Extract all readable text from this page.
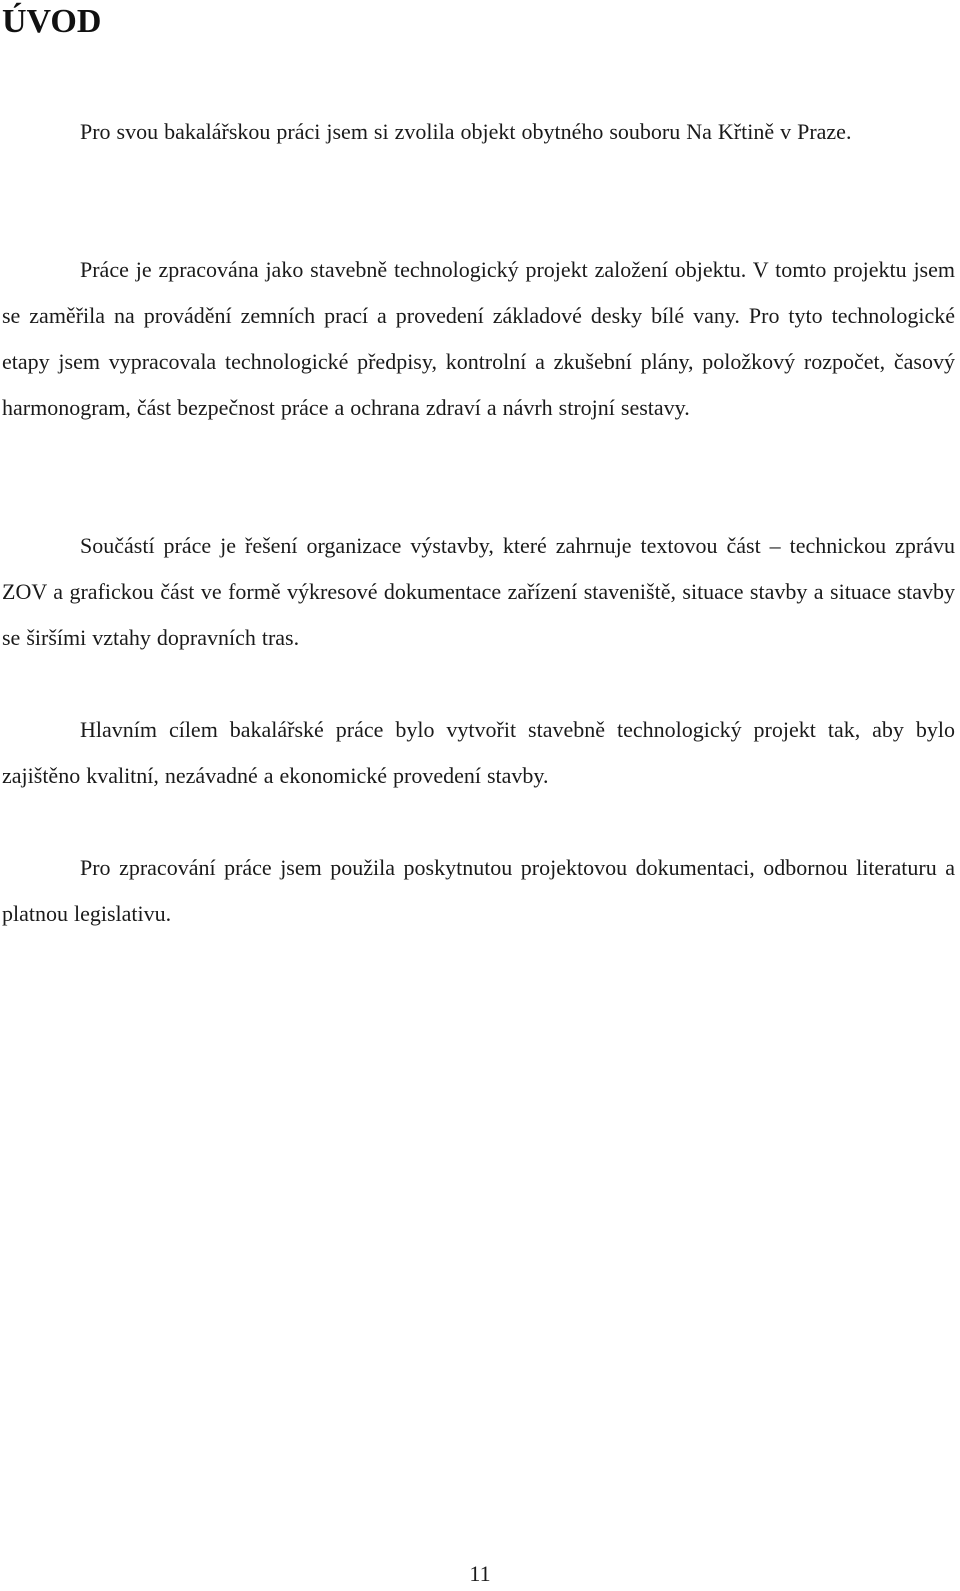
ÚVOD

Pro svou bakalářskou práci jsem si zvolila objekt obytného souboru Na Křtině v Praze.

Práce je zpracována jako stavebně technologický projekt založení objektu. V tomto projektu jsem se zaměřila na provádění zemních prací a provedení základové desky bílé vany. Pro tyto technologické etapy jsem vypracovala technologické předpisy, kontrolní a zkušební plány, položkový rozpočet, časový harmonogram, část bezpečnost práce a ochrana zdraví a návrh strojní sestavy.

Součástí práce je řešení organizace výstavby, které zahrnuje textovou část – technickou zprávu ZOV a grafickou část ve formě výkresové dokumentace zařízení staveniště, situace stavby a situace stavby se širšími vztahy dopravních tras.

Hlavním cílem bakalářské práce bylo vytvořit stavebně technologický projekt tak, aby bylo zajištěno kvalitní, nezávadné a ekonomické provedení stavby.

Pro zpracování práce jsem použila poskytnutou projektovou dokumentaci, odbornou literaturu a platnou legislativu.

11
